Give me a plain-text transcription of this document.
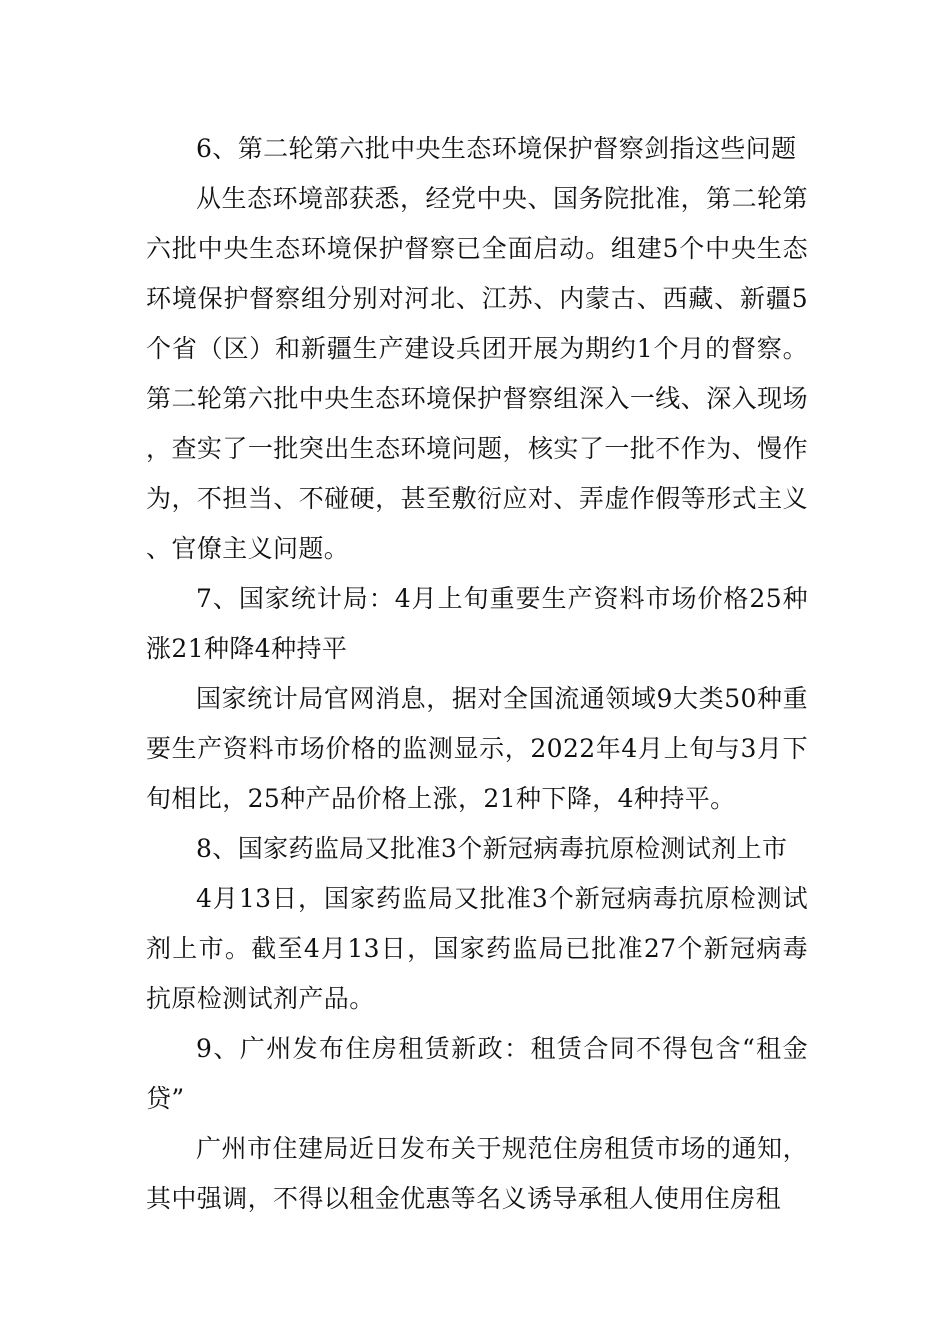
6、第二轮第六批中央生态环境保护督察剑指这些问题

从生态环境部获悉，经党中央、国务院批准，第二轮第六批中央生态环境保护督察已全面启动。组建5个中央生态环境保护督察组分别对河北、江苏、内蒙古、西藏、新疆5个省（区）和新疆生产建设兵团开展为期约1个月的督察。第二轮第六批中央生态环境保护督察组深入一线、深入现场，查实了一批突出生态环境问题，核实了一批不作为、慢作为，不担当、不碰硬，甚至敷衍应对、弄虚作假等形式主义、官僚主义问题。

7、国家统计局：4月上旬重要生产资料市场价格25种涨21种降4种持平

国家统计局官网消息，据对全国流通领域9大类50种重要生产资料市场价格的监测显示，2022年4月上旬与3月下旬相比，25种产品价格上涨，21种下降，4种持平。

8、国家药监局又批准3个新冠病毒抗原检测试剂上市

4月13日，国家药监局又批准3个新冠病毒抗原检测试剂上市。截至4月13日，国家药监局已批准27个新冠病毒抗原检测试剂产品。

9、广州发布住房租赁新政：租赁合同不得包含“租金贷”

广州市住建局近日发布关于规范住房租赁市场的通知，其中强调，不得以租金优惠等名义诱导承租人使用住房租
